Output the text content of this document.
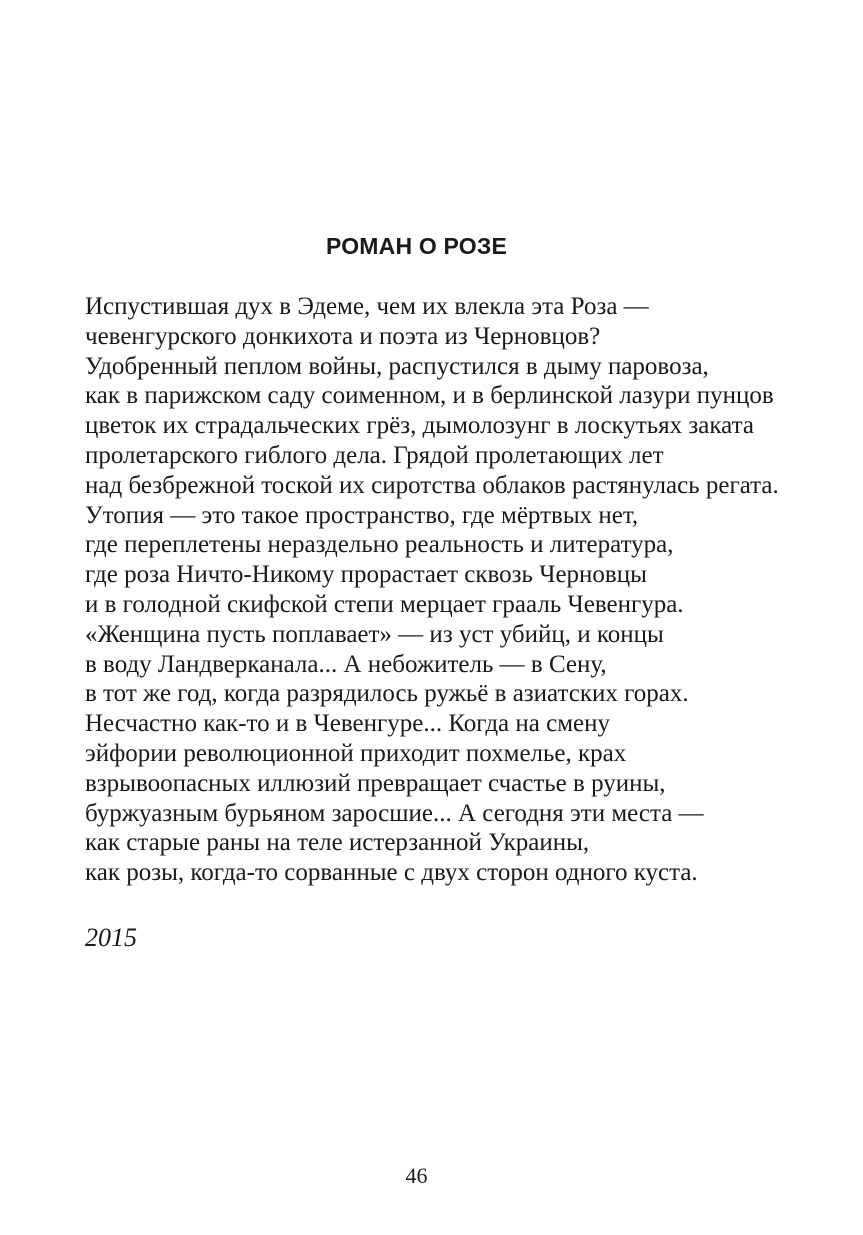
РОМАН О РОЗЕ
Испустившая дух в Эдеме, чем их влекла эта Роза —
чевенгурского донкихота и поэта из Черновцов?
Удобренный пеплом войны, распустился в дыму паровоза,
как в парижском саду соименном, и в берлинской лазури пунцов
цветок их страдальческих грёз, дымолозунг в лоскутьях заката
пролетарского гиблого дела. Грядой пролетающих лет
над безбрежной тоской их сиротства облаков растянулась регата.
Утопия — это такое пространство, где мёртвых нет,
где переплетены нераздельно реальность и литература,
где роза Ничто-Никому прорастает сквозь Черновцы
и в голодной скифской степи мерцает грааль Чевенгура.
«Женщина пусть поплавает» — из уст убийц, и концы
в воду Ландверканала... А небожитель — в Сену,
в тот же год, когда разрядилось ружьё в азиатских горах.
Несчастно как-то и в Чевенгуре... Когда на смену
эйфории революционной приходит похмелье, крах
взрывоопасных иллюзий превращает счастье в руины,
буржуазным бурьяном заросшие... А сегодня эти места —
как старые раны на теле истерзанной Украины,
как розы, когда-то сорванные с двух сторон одного куста.

2015

46
